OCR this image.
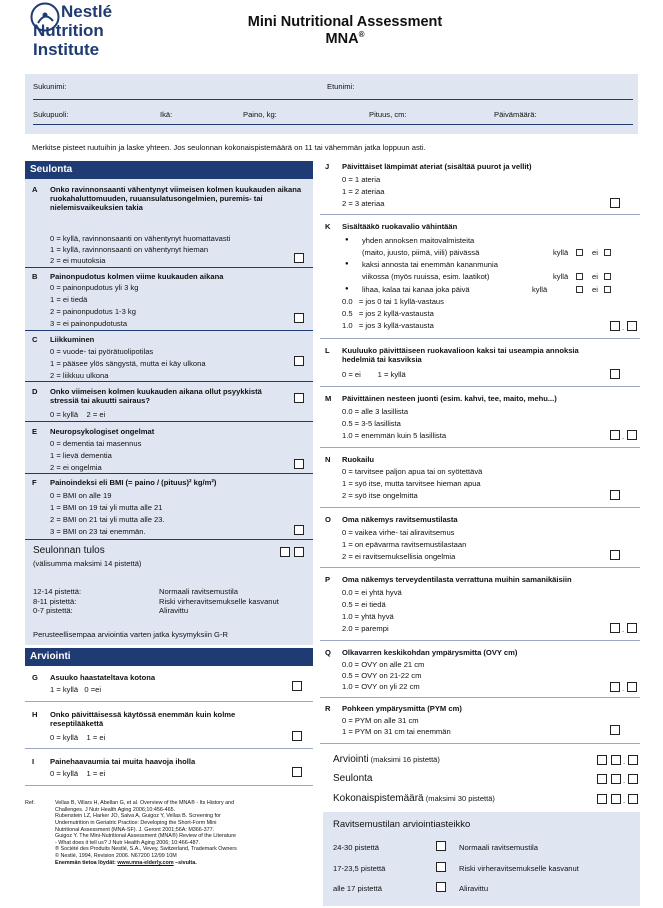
Nestlé
Nutrition
Institute
Mini Nutritional Assessment
MNA®
Sukunimi:	Etunimi:
Sukupuoli:	Ikä:	Paino, kg:	Pituus, cm:	Päivämäärä:
Merkitse pisteet ruutuihin ja laske yhteen. Jos seulonnan kokonaispistemäärä on 11 tai vähemmän jatka loppuun asti.
Seulonta
A Onko ravinnonsaanti vähentynyt viimeisen kolmen kuukauden aikana ruokahaluttomuuden, ruuansulatusongelmien, puremis- tai nielemisvaikeuksien takia
0 = kyllä, ravinnonsaanti on vähentynyt huomattavasti
1 = kyllä, ravinnonsaanti on vähentynyt hieman
2 = ei muutoksia
B Painonpudotus kolmen viime kuukauden aikana
0 = painonpudotus yli 3 kg
1 = ei tiedä
2 = painonpudotus 1-3 kg
3 = ei painonpudotusta
C Liikkuminen
0 = vuode- tai pyörätuolipotilas
1 = pääsee ylös sängystä, mutta ei käy ulkona
2 = liikkuu ulkona
D Onko viimeisen kolmen kuukauden aikana ollut psyykkistä stressiä tai akuutti sairaus?
0 = kyllä    2 = ei
E Neuropsykologiset ongelmat
0 = dementia tai masennus
1 = lievä dementia
2 = ei ongelmia
F Painoindeksi eli BMI (= paino / (pituus)² kg/m²)
0 = BMI on alle 19
1 = BMI on 19 tai yli mutta alle 21
2 = BMI on 21 tai yli mutta alle 23.
3 = BMI on 23 tai enemmän.
Seulonnan tulos
(välisumma maksimi 14 pistettä)
12-14 pistettä:	Normaali ravitsemustila
8-11 pistettä:	Riski virheravitsemukselle kasvanut
0-7 pistettä:	Aliravittu
Perusteellisempaa arviointia varten jatka kysymyksiin G-R
Arviointi
G Asuuko haastateltava kotona
1 = kyllä   0 =ei
H Onko päivittäisessä käytössä enemmän kuin kolme reseptilääkettä
0 = kyllä    1 = ei
I Painehaavaumia tai muita haavoja iholla
0 = kyllä    1 = ei
Ref.	Vellas B, Villars H, Abellan G, et al. Overview of the MNA® - Its History and
Challenges. J Nutr Health Aging 2006;10:456-465.
Rubenstein LZ, Harker JO, Salva A, Guigoz Y, Vellas B. Screening for
Undernutrition in Geriatric Practice: Developing the Short-Form Mini
Nutritional Assessment (MNA-SF). J. Geront 2001;56A: M366-377.
Guigoz Y. The Mini-Nutritional Assessment (MNA®) Review of the Literature
- What does it tell us? J Nutr Health Aging 2006; 10:466-487.
® Société des Produits Nestlé, S.A., Vevey, Switzerland, Trademark Owners
© Nestlé, 1994, Revision 2006. N67200 12/99 10M
Enemmän tietoa löydät: www.mna-elderly.com –sivulta.
J Päivittäiset lämpimät ateriat (sisältää puurot ja vellit)
0 = 1 ateria
1 = 2 ateriaa
2 = 3 ateriaa
K Sisältääkö ruokavalio vähintään
● yhden annoksen maitovalmisteita
(maito, juusto, piimä, viili) päivässä	kyllä	ei
● kaksi annosta tai enemmän kananmunia
viikossa (myös ruuissa, esim. laatikot)	kyllä	ei
● lihaa, kalaa tai kanaa joka päivä	kyllä	ei
0.0   = jos 0 tai 1 kyllä-vastaus
0.5   = jos 2 kyllä-vastausta
1.0   = jos 3 kyllä-vastausta	.
L Kuuluuko päivittäiseen ruokavalioon kaksi tai useampia annoksia hedelmiä tai kasviksia
0 = ei        1 = kyllä
M Päivittäinen nesteen juonti (esim. kahvi, tee, maito, mehu...)
0.0 = alle 3 lasillista
0.5 = 3-5 lasillista
1.0 = enemmän kuin 5 lasillista	.
N Ruokailu
0 = tarvitsee paljon apua tai on syötettävä
1 = syö itse, mutta tarvitsee hieman apua
2 = syö itse ongelmitta
O Oma näkemys ravitsemustilasta
0 = vaikea virhe- tai aliravitsemus
1 = on epävarma ravitsemustilastaan
2 = ei ravitsemuksellisia ongelmia
P Oma näkemys terveydentilasta verrattuna muihin samanikäisiin
0.0 = ei yhtä hyvä
0.5 = ei tiedä
1.0 = yhtä hyvä
2.0 = parempi	.
Q Olkavarren keskikohdan ympärysmitta (OVY cm)
0.0 = OVY on alle 21 cm
0.5 = OVY on 21-22 cm
1.0 = OVY on yli 22 cm	.
R Pohkeen ympärysmitta (PYM cm)
0 = PYM on alle 31 cm
1 = PYM on 31 cm tai enemmän
Arviointi (maksimi 16 pistettä)	.
Seulonta	.
Kokonaispistemäärä (maksimi 30 pistettä)	.
Ravitsemustilan arviointiasteikko
24-30 pistettä	Normaali ravitsemustila
17-23,5 pistettä	Riski virheravitsemukselle kasvanut
alle 17 pistettä	Aliravittu
